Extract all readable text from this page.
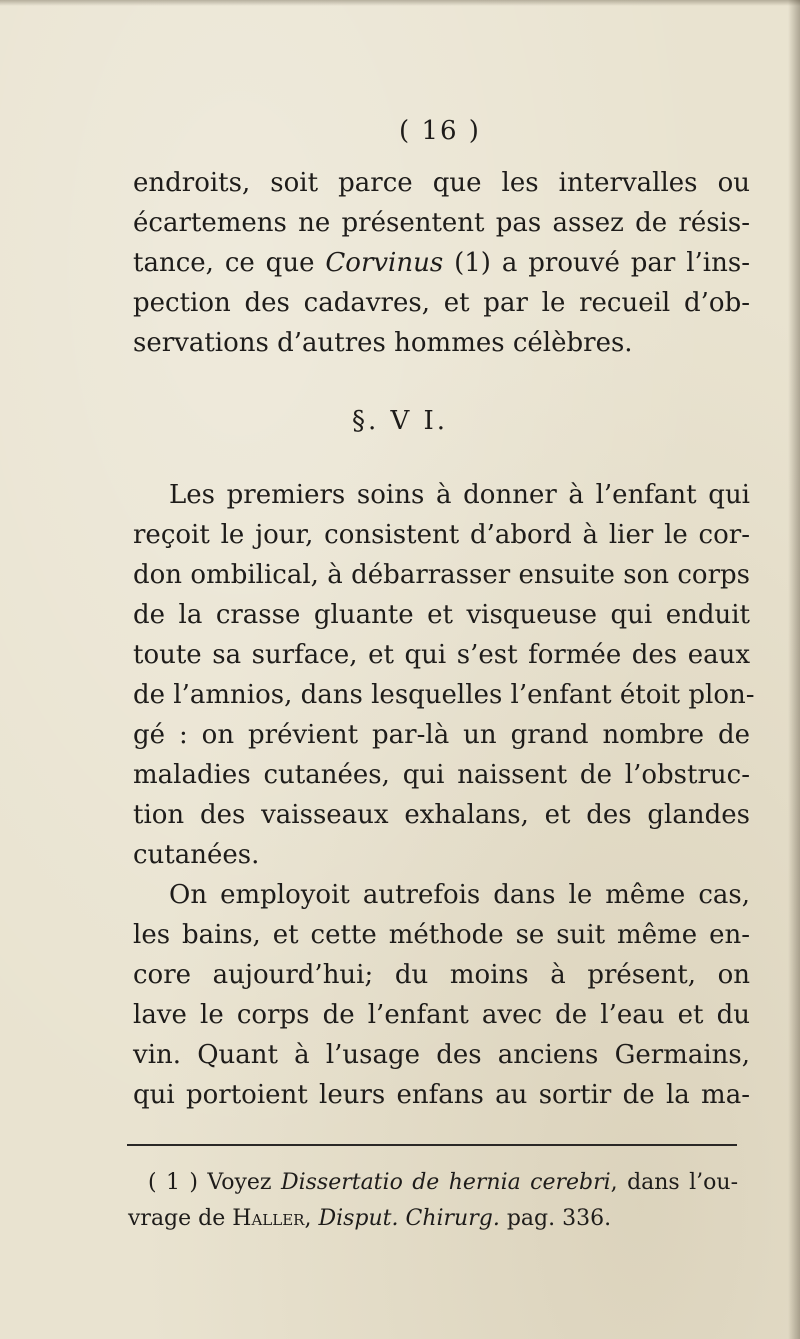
( 16 )
endroits, soit parce que les intervalles ou
écartemens ne présentent pas assez de résis-
tance, ce que Corvinus (1) a prouvé par l’ins-
pection des cadavres, et par le recueil d’ob-
servations d’autres hommes célèbres.
§. V I.
Les premiers soins à donner à l’enfant qui
reçoit le jour, consistent d’abord à lier le cor-
don ombilical, à débarrasser ensuite son corps
de la crasse gluante et visqueuse qui enduit
toute sa surface, et qui s’est formée des eaux
de l’amnios, dans lesquelles l’enfant étoit plon-
gé : on prévient par-là un grand nombre de
maladies cutanées, qui naissent de l’obstruc-
tion des vaisseaux exhalans, et des glandes
cutanées.
On employoit autrefois dans le même cas,
les bains, et cette méthode se suit même en-
core aujourd’hui; du moins à présent, on
lave le corps de l’enfant avec de l’eau et du
vin. Quant à l’usage des anciens Germains,
qui portoient leurs enfans au sortir de la ma-
( 1 ) Voyez Dissertatio de hernia cerebri, dans l’ou-
vrage de Haller, Disput. Chirurg. pag. 336.
